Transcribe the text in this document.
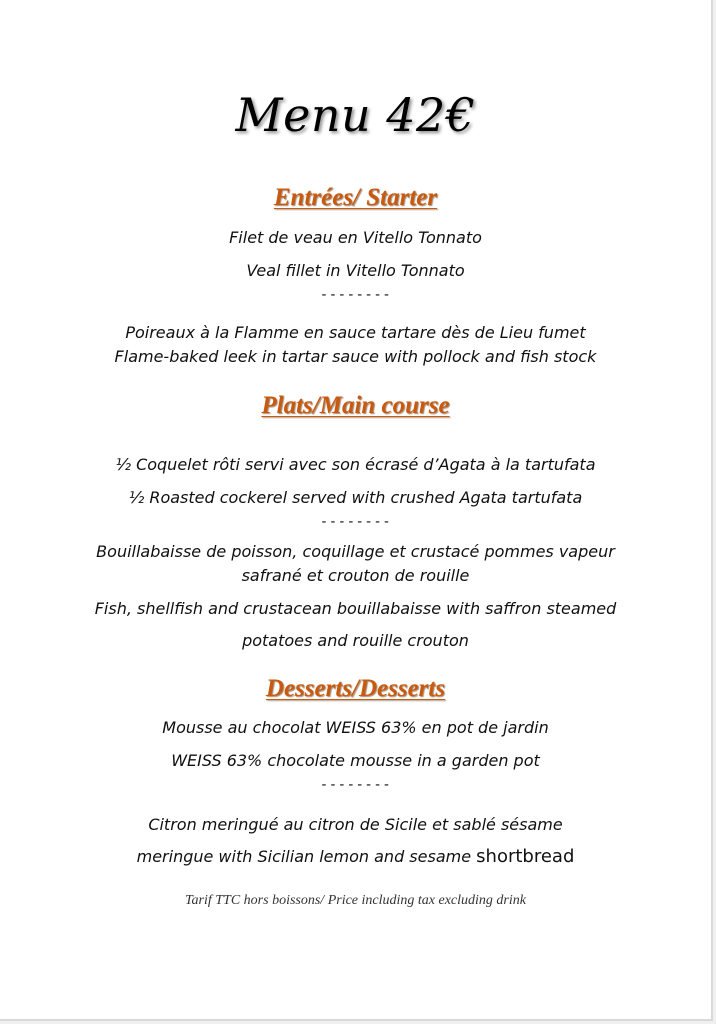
Menu 42€
Entrées/ Starter
Filet de veau en Vitello Tonnato
Veal fillet in Vitello Tonnato
--------
Poireaux à la Flamme en sauce tartare dès de Lieu fumet
Flame-baked leek in tartar sauce with pollock and fish stock
Plats/Main course
½ Coquelet rôti servi avec son écrasé d’Agata à la tartufata
½ Roasted cockerel served with crushed Agata tartufata
--------
Bouillabaisse de poisson, coquillage et crustacé pommes vapeur
safrané et crouton de rouille
Fish, shellfish and crustacean bouillabaisse with saffron steamed
potatoes and rouille crouton
Desserts/Desserts
Mousse au chocolat WEISS 63% en pot de jardin
WEISS 63% chocolate mousse in a garden pot
--------
Citron meringué au citron de Sicile et sablé sésame
meringue with Sicilian lemon and sesame shortbread
Tarif TTC hors boissons/ Price including tax excluding drink
